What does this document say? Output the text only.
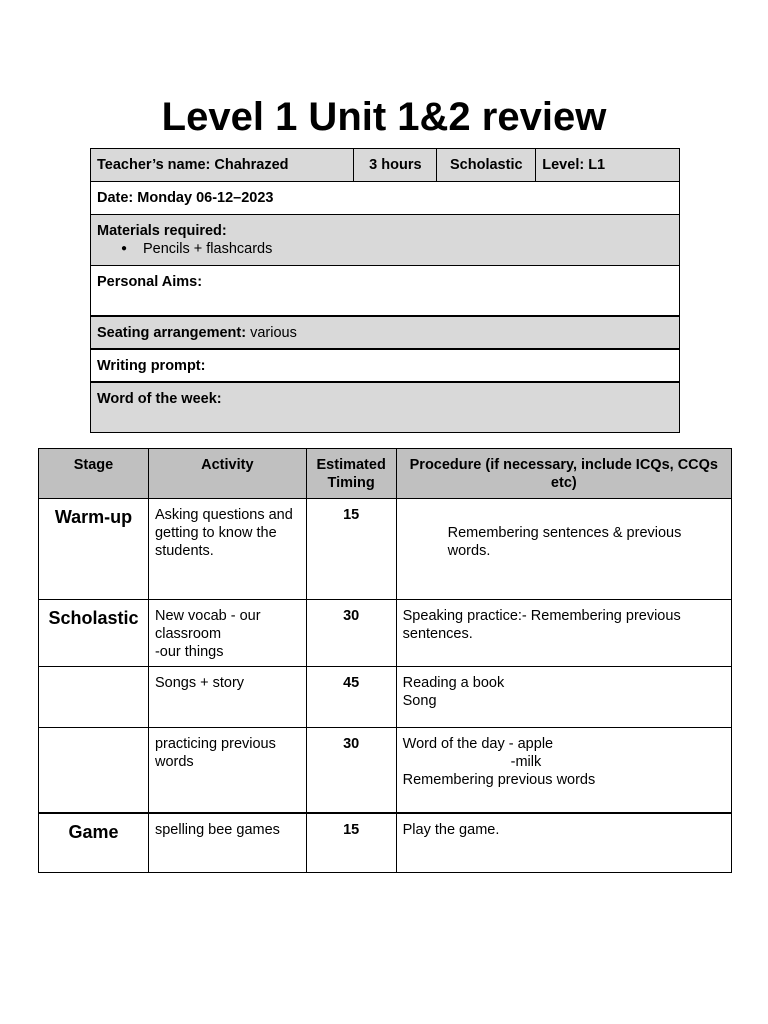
Level 1 Unit 1&2 review
Teacher’s name: Chahrazed	3 hours	Scholastic	Level: L1
Date: Monday 06-12–2023

Materials required:
● Pencils + flashcards

Personal Aims:
Seating arrangement: various
Writing prompt:
Word of the week:
Stage	Activity	Estimated Timing	Procedure (if necessary, include ICQs, CCQs etc)
Warm-up	Asking questions and getting to know the students.	15	Remembering sentences & previous words.
Scholastic	New vocab - our classroom
-our things	30	Speaking practice:- Remembering previous sentences.
	Songs + story	45	Reading a book
Song

	practicing previous words	30	Word of the day - apple
-milk
Remembering previous words

Game	spelling bee games	15	Play the game.
